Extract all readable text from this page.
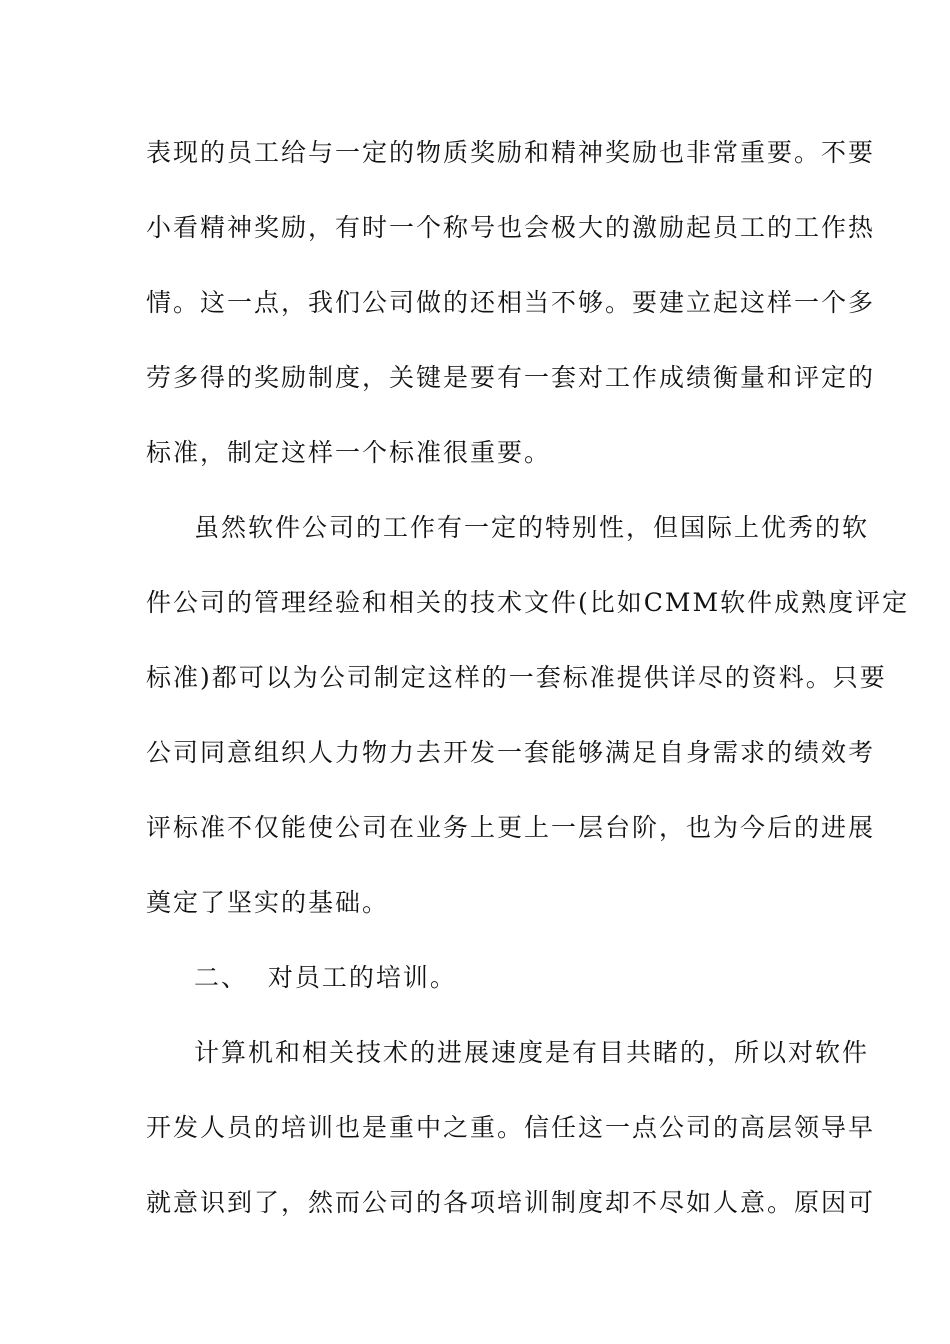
表现的员工给与一定的物质奖励和精神奖励也非常重要。不要
小看精神奖励，有时一个称号也会极大的激励起员工的工作热
情。这一点，我们公司做的还相当不够。要建立起这样一个多
劳多得的奖励制度，关键是要有一套对工作成绩衡量和评定的
标准，制定这样一个标准很重要。
虽然软件公司的工作有一定的特别性，但国际上优秀的软
件公司的管理经验和相关的技术文件(比如CMM软件成熟度评定
标准)都可以为公司制定这样的一套标准提供详尽的资料。只要
公司同意组织人力物力去开发一套能够满足自身需求的绩效考
评标准不仅能使公司在业务上更上一层台阶，也为今后的进展
奠定了坚实的基础。
二、  对员工的培训。
计算机和相关技术的进展速度是有目共睹的，所以对软件
开发人员的培训也是重中之重。信任这一点公司的高层领导早
就意识到了，然而公司的各项培训制度却不尽如人意。原因可
